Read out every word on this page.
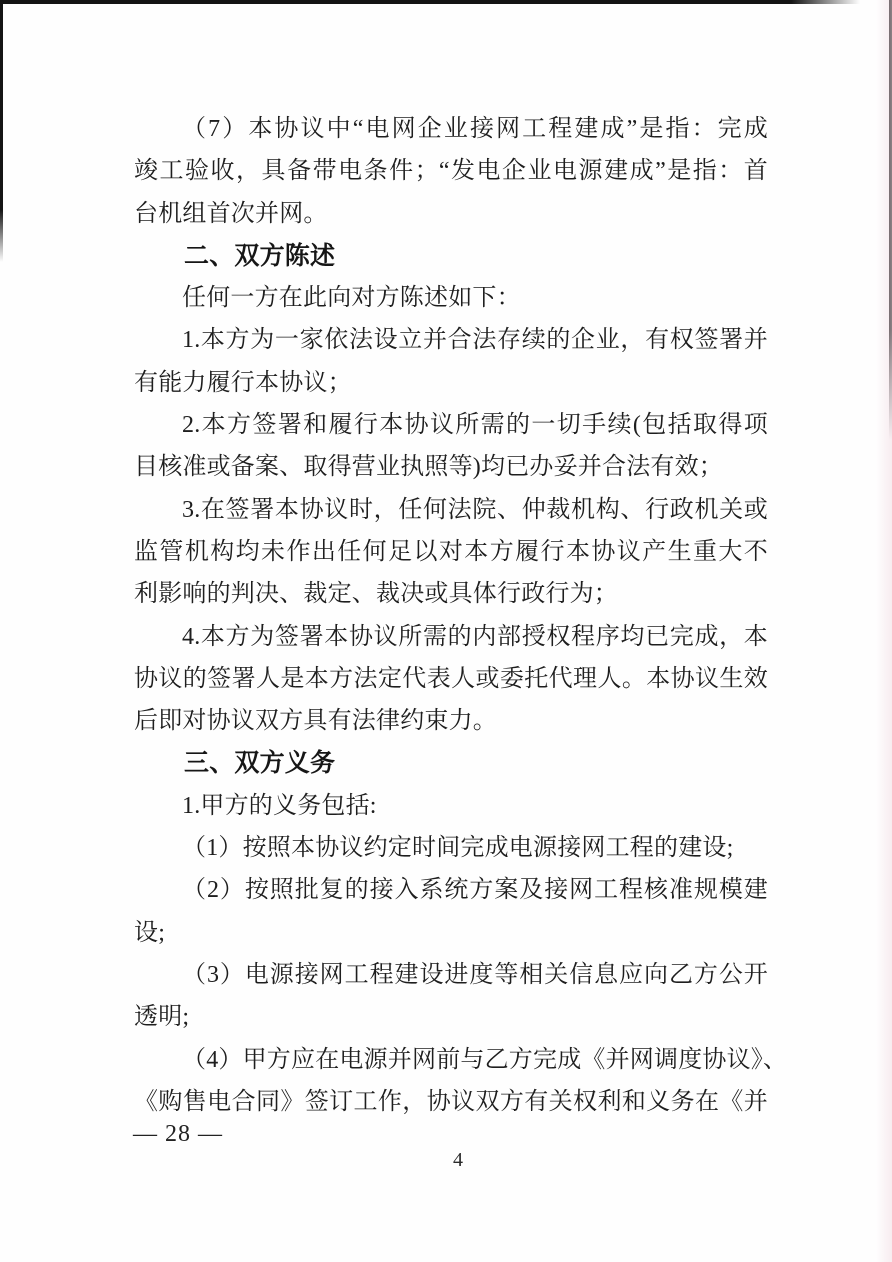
（7）本协议中“电网企业接网工程建成”是指：完成
竣工验收，具备带电条件；“发电企业电源建成”是指：首
台机组首次并网。
二、双方陈述
任何一方在此向对方陈述如下：
1.本方为一家依法设立并合法存续的企业，有权签署并
有能力履行本协议；
2.本方签署和履行本协议所需的一切手续(包括取得项
目核准或备案、取得营业执照等)均已办妥并合法有效；
3.在签署本协议时，任何法院、仲裁机构、行政机关或
监管机构均未作出任何足以对本方履行本协议产生重大不
利影响的判决、裁定、裁决或具体行政行为；
4.本方为签署本协议所需的内部授权程序均已完成，本
协议的签署人是本方法定代表人或委托代理人。本协议生效
后即对协议双方具有法律约束力。
三、双方义务
1.甲方的义务包括:
（1）按照本协议约定时间完成电源接网工程的建设;
（2）按照批复的接入系统方案及接网工程核准规模建
设;
（3）电源接网工程建设进度等相关信息应向乙方公开
透明;
（4）甲方应在电源并网前与乙方完成《并网调度协议》、
《购售电合同》签订工作，协议双方有关权利和义务在《并
— 28 —
4
